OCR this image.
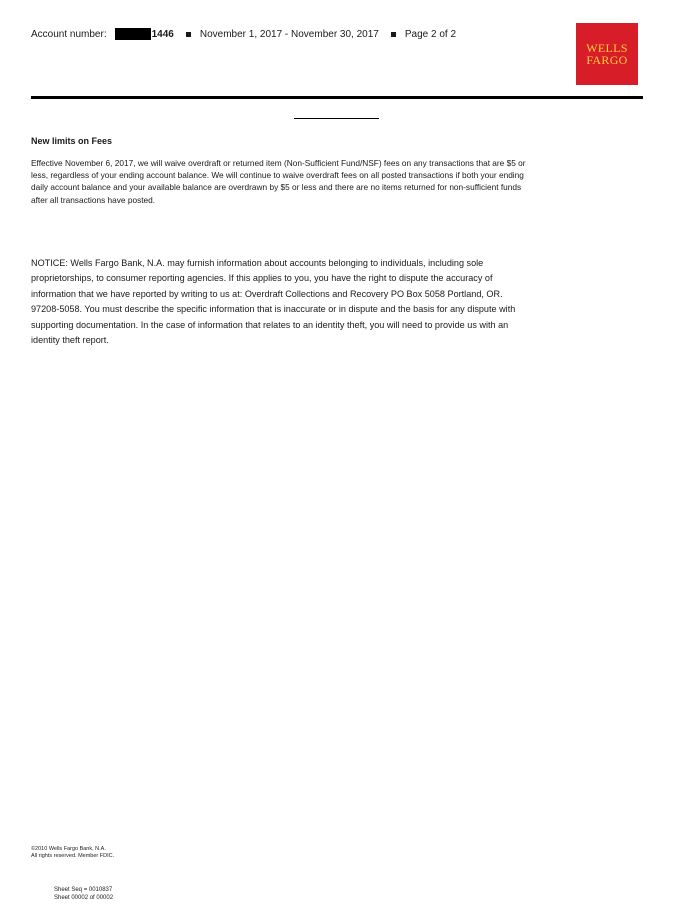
Account number:	1446	November 1, 2017 - November 30, 2017	Page 2 of 2
WELLS
FARGO
New limits on Fees
Effective November 6, 2017, we will waive overdraft or returned item (Non-Sufficient Fund/NSF) fees on any transactions that are $5 or
less, regardless of your ending account balance. We will continue to waive overdraft fees on all posted transactions if both your ending
daily account balance and your available balance are overdrawn by $5 or less and there are no items returned for non-sufficient funds
after all transactions have posted.
NOTICE: Wells Fargo Bank, N.A. may furnish information about accounts belonging to individuals, including sole
proprietorships, to consumer reporting agencies. If this applies to you, you have the right to dispute the accuracy of
information that we have reported by writing to us at: Overdraft Collections and Recovery PO Box 5058 Portland, OR.
97208-5058. You must describe the specific information that is inaccurate or in dispute and the basis for any dispute with
supporting documentation. In the case of information that relates to an identity theft, you will need to provide us with an
identity theft report.
©2010 Wells Fargo Bank, N.A.
All rights reserved. Member FDIC.
Sheet Seq = 0010837
Sheet 00002 of 00002
